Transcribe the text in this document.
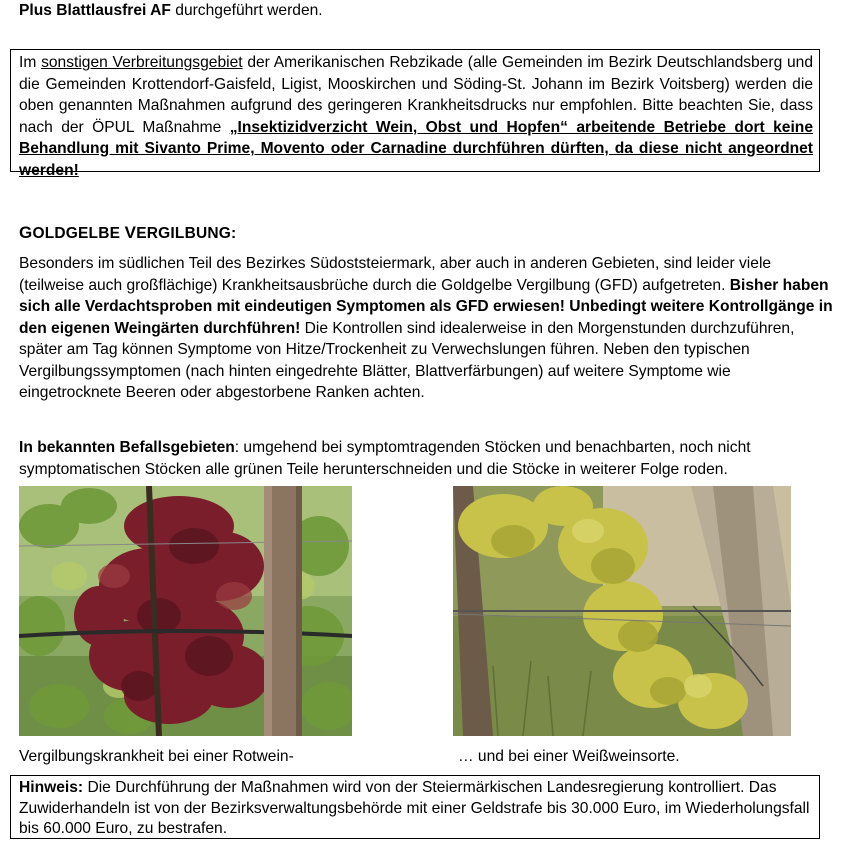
Plus Blattlausfrei AF durchgeführt werden.
Im sonstigen Verbreitungsgebiet der Amerikanischen Rebzikade (alle Gemeinden im Bezirk Deutschlandsberg und die Gemeinden Krottendorf-Gaisfeld, Ligist, Mooskirchen und Söding-St. Johann im Bezirk Voitsberg) werden die oben genannten Maßnahmen aufgrund des geringeren Krankheitsdrucks nur empfohlen. Bitte beachten Sie, dass nach der ÖPUL Maßnahme „Insektizidverzicht Wein, Obst und Hopfen“ arbeitende Betriebe dort keine Behandlung mit Sivanto Prime, Movento oder Carnadine durchführen dürften, da diese nicht angeordnet werden!
GOLDGELBE VERGILBUNG:
Besonders im südlichen Teil des Bezirkes Südoststeiermark, aber auch in anderen Gebieten, sind leider viele (teilweise auch großflächige) Krankheitsausbrüche durch die Goldgelbe Vergilbung (GFD) aufgetreten. Bisher haben sich alle Verdachtsproben mit eindeutigen Symptomen als GFD erwiesen! Unbedingt weitere Kontrollgänge in den eigenen Weingärten durchführen! Die Kontrollen sind idealerweise in den Morgenstunden durchzuführen, später am Tag können Symptome von Hitze/Trockenheit zu Verwechslungen führen. Neben den typischen Vergilbungssymptomen (nach hinten eingedrehte Blätter, Blattverfärbungen) auf weitere Symptome wie eingetrocknete Beeren oder abgestorbene Ranken achten.
In bekannten Befallsgebieten: umgehend bei symptomtragenden Stöcken und benachbarten, noch nicht symptomatischen Stöcken alle grünen Teile herunterschneiden und die Stöcke in weiterer Folge roden.
Vergilbungskrankheit bei einer Rotwein-	… und bei einer Weißweinsorte.
Hinweis: Die Durchführung der Maßnahmen wird von der Steiermärkischen Landesregierung kontrolliert. Das Zuwiderhandeln ist von der Bezirksverwaltungsbehörde mit einer Geldstrafe bis 30.000 Euro, im Wiederholungsfall bis 60.000 Euro, zu bestrafen.
